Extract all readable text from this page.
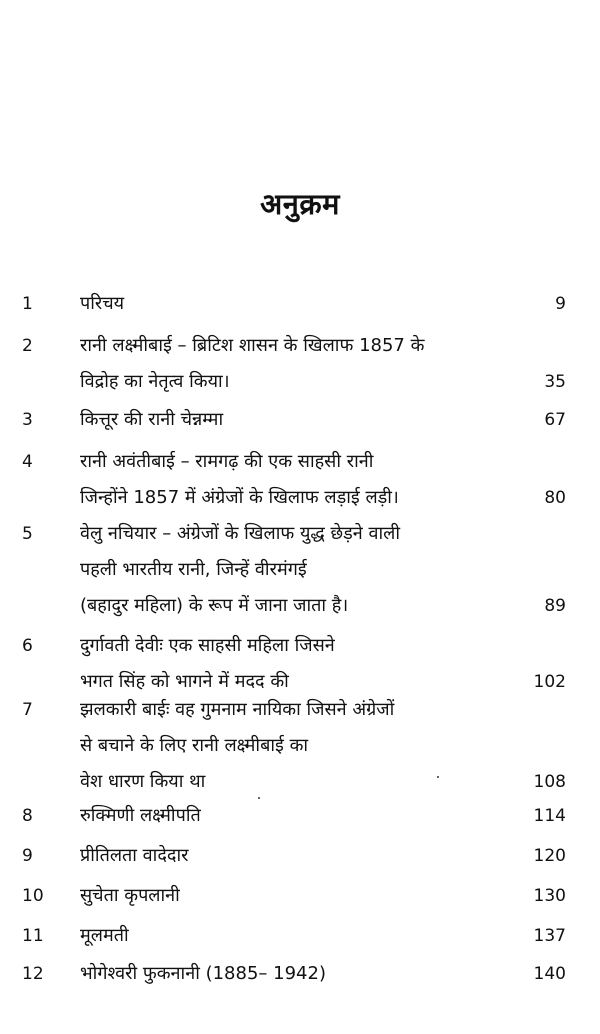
अनुक्रम
1	परिचय	9
2	रानी लक्ष्मीबाई – ब्रिटिश शासन के खिलाफ 1857 के
विद्रोह का नेतृत्व किया।	35
3	कित्तूर की रानी चेन्नम्मा	67
4	रानी अवंतीबाई – रामगढ़ की एक साहसी रानी
जिन्होंने 1857 में अंग्रेजों के खिलाफ लड़ाई लड़ी।	80
5	वेलु नचियार – अंग्रेजों के खिलाफ युद्ध छेड़ने वाली
पहली भारतीय रानी, जिन्हें वीरमंगई
(बहादुर महिला) के रूप में जाना जाता है।	89
6	दुर्गावती देवीः एक साहसी महिला जिसने
भगत सिंह को भागने में मदद की	102
7	झलकारी बाईः वह गुमनाम नायिका जिसने अंग्रेजों
से बचाने के लिए रानी लक्ष्मीबाई का
वेश धारण किया था	108
8	रुक्मिणी लक्ष्मीपति	114
9	प्रीतिलता वादेदार	120
10	सुचेता कृपलानी	130
11	मूलमती	137
12	भोगेश्वरी फुकनानी (1885– 1942)	140
